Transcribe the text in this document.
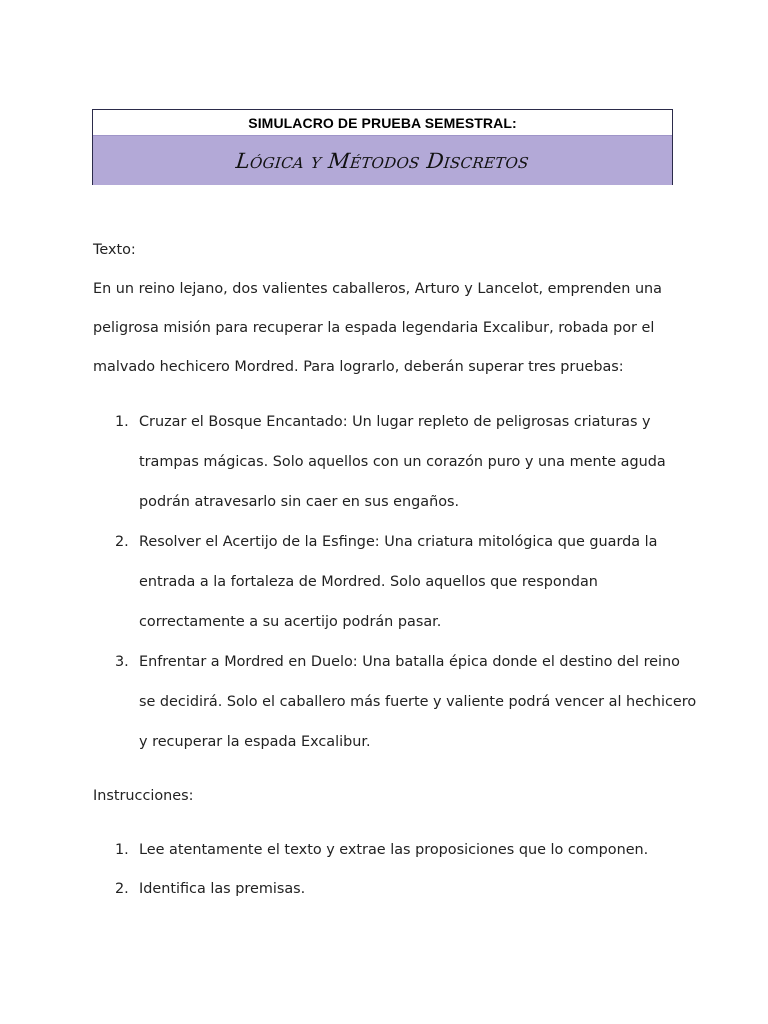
SIMULACRO DE PRUEBA SEMESTRAL:
Lógica y Métodos Discretos
Texto:
En un reino lejano, dos valientes caballeros, Arturo y Lancelot, emprenden una
peligrosa misión para recuperar la espada legendaria Excalibur, robada por el
malvado hechicero Mordred. Para lograrlo, deberán superar tres pruebas:
1. Cruzar el Bosque Encantado: Un lugar repleto de peligrosas criaturas y
trampas mágicas. Solo aquellos con un corazón puro y una mente aguda
podrán atravesarlo sin caer en sus engaños.
2. Resolver el Acertijo de la Esfinge: Una criatura mitológica que guarda la
entrada a la fortaleza de Mordred. Solo aquellos que respondan
correctamente a su acertijo podrán pasar.
3. Enfrentar a Mordred en Duelo: Una batalla épica donde el destino del reino
se decidirá. Solo el caballero más fuerte y valiente podrá vencer al hechicero
y recuperar la espada Excalibur.
Instrucciones:
1. Lee atentamente el texto y extrae las proposiciones que lo componen.
2. Identifica las premisas.
